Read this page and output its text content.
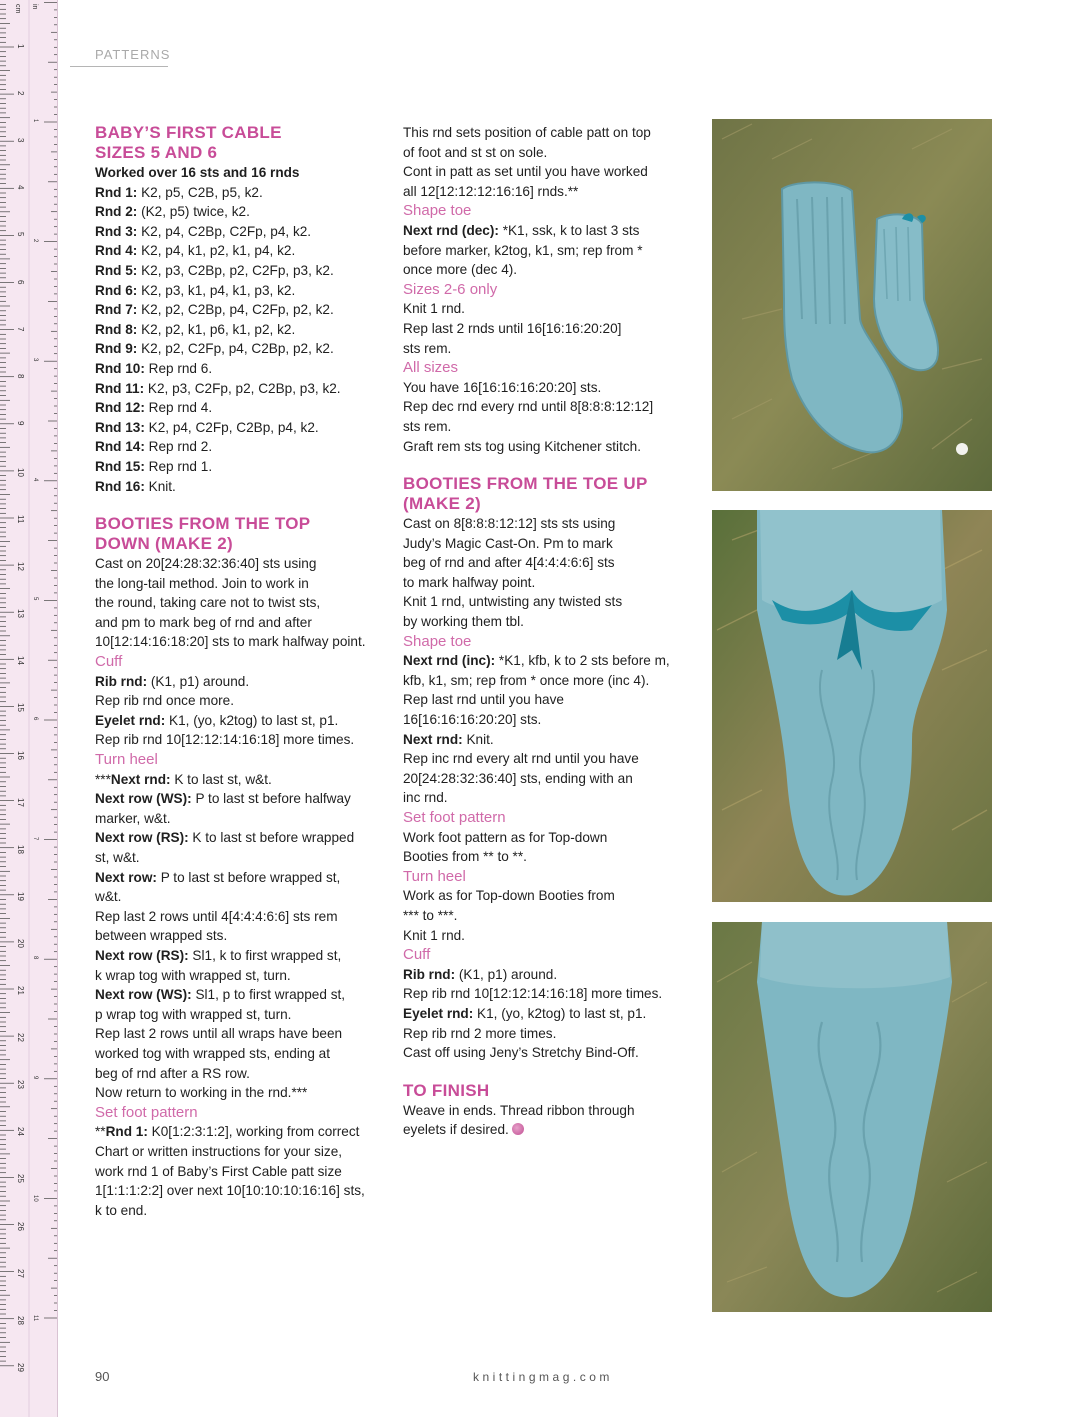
in
cm
1
2
3
4
5
6
7
8
9
10
11
12
13
14
15
16
17
18
19
20
21
22
23
24
25
26
27
28
29
1
2
3
4
5
6
7
8
9
10
11
PATTERNS
BABY’S FIRST CABLE
SIZES 5 AND 6
Worked over 16 sts and 16 rnds
Rnd 1: K2, p5, C2B, p5, k2.
Rnd 2: (K2, p5) twice, k2.
Rnd 3: K2, p4, C2Bp, C2Fp, p4, k2.
Rnd 4: K2, p4, k1, p2, k1, p4, k2.
Rnd 5: K2, p3, C2Bp, p2, C2Fp, p3, k2.
Rnd 6: K2, p3, k1, p4, k1, p3, k2.
Rnd 7: K2, p2, C2Bp, p4, C2Fp, p2, k2.
Rnd 8: K2, p2, k1, p6, k1, p2, k2.
Rnd 9: K2, p2, C2Fp, p4, C2Bp, p2, k2.
Rnd 10: Rep rnd 6.
Rnd 11: K2, p3, C2Fp, p2, C2Bp, p3, k2.
Rnd 12: Rep rnd 4.
Rnd 13: K2, p4, C2Fp, C2Bp, p4, k2.
Rnd 14: Rep rnd 2.
Rnd 15: Rep rnd 1.
Rnd 16: Knit.
BOOTIES FROM THE TOP
DOWN (MAKE 2)
Cast on 20[24:28:32:36:40] sts using
the long-tail method. Join to work in
the round, taking care not to twist sts,
and pm to mark beg of rnd and after
10[12:14:16:18:20] sts to mark halfway point.
Cuff
Rib rnd: (K1, p1) around.
Rep rib rnd once more.
Eyelet rnd: K1, (yo, k2tog) to last st, p1.
Rep rib rnd 10[12:12:14:16:18] more times.
Turn heel
***Next rnd: K to last st, w&t.
Next row (WS): P to last st before halfway
marker, w&t.
Next row (RS): K to last st before wrapped
st, w&t.
Next row: P to last st before wrapped st,
w&t.
Rep last 2 rows until 4[4:4:4:6:6] sts rem
between wrapped sts.
Next row (RS): Sl1, k to first wrapped st,
k wrap tog with wrapped st, turn.
Next row (WS): Sl1, p to first wrapped st,
p wrap tog with wrapped st, turn.
Rep last 2 rows until all wraps have been
worked tog with wrapped sts, ending at
beg of rnd after a RS row.
Now return to working in the rnd.***
Set foot pattern
**Rnd 1: K0[1:2:3:1:2], working from correct
Chart or written instructions for your size,
work rnd 1 of Baby’s First Cable patt size
1[1:1:1:2:2] over next 10[10:10:10:16:16] sts,
k to end.
This rnd sets position of cable patt on top
of foot and st st on sole.
Cont in patt as set until you have worked
all 12[12:12:12:16:16] rnds.**
Shape toe
Next rnd (dec): *K1, ssk, k to last 3 sts
before marker, k2tog, k1, sm; rep from *
once more (dec 4).
Sizes 2-6 only
Knit 1 rnd.
Rep last 2 rnds until 16[16:16:20:20]
sts rem.
All sizes
You have 16[16:16:16:20:20] sts.
Rep dec rnd every rnd until 8[8:8:8:12:12]
sts rem.
Graft rem sts tog using Kitchener stitch.
BOOTIES FROM THE TOE UP
(MAKE 2)
Cast on 8[8:8:8:12:12] sts sts using
Judy’s Magic Cast-On. Pm to mark
beg of rnd and after 4[4:4:4:6:6] sts
to mark halfway point.
Knit 1 rnd, untwisting any twisted sts
by working them tbl.
Shape toe
Next rnd (inc): *K1, kfb, k to 2 sts before m,
kfb, k1, sm; rep from * once more (inc 4).
Rep last rnd until you have
16[16:16:16:20:20] sts.
Next rnd: Knit.
Rep inc rnd every alt rnd until you have
20[24:28:32:36:40] sts, ending with an
inc rnd.
Set foot pattern
Work foot pattern as for Top-down
Booties from ** to **.
Turn heel
Work as for Top-down Booties from
*** to ***.
Knit 1 rnd.
Cuff
Rib rnd: (K1, p1) around.
Rep rib rnd 10[12:12:14:16:18] more times.
Eyelet rnd: K1, (yo, k2tog) to last st, p1.
Rep rib rnd 2 more times.
Cast off using Jeny’s Stretchy Bind-Off.
TO FINISH
Weave in ends. Thread ribbon through
eyelets if desired.
90	knittingmag.com
